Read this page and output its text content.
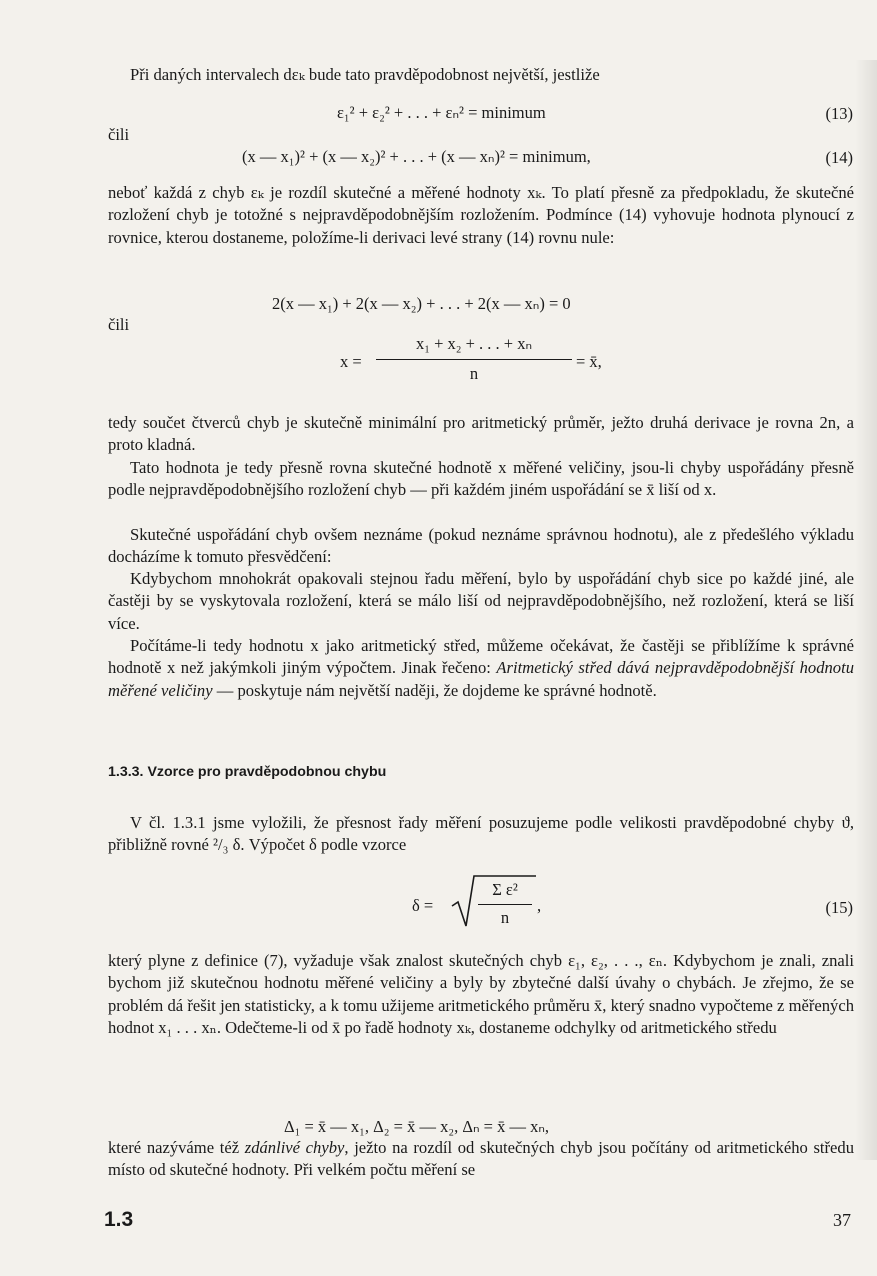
Při daných intervalech dεₖ bude tato pravděpodobnost největší, jestliže

ε₁² + ε₂² + . . . + εₙ² = minimum	(13)
čili
(x — x₁)² + (x — x₂)² + . . . + (x — xₙ)² = minimum,	(14)

neboť každá z chyb εₖ je rozdíl skutečné a měřené hodnoty xₖ. To platí přesně za předpokladu, že skutečné rozložení chyb je totožné s nejpravděpodobnějším rozložením. Podmínce (14) vyhovuje hodnota plynoucí z rovnice, kterou dostaneme, položíme-li derivaci levé strany (14) rovnu nule:

2(x — x₁) + 2(x — x₂) + . . . + 2(x — xₙ) = 0
čili
x =
x₁ + x₂ + . . . + xₙ
n
= x̄,

tedy součet čtverců chyb je skutečně minimální pro aritmetický průměr, ježto druhá derivace je rovna 2n, a proto kladná.

Tato hodnota je tedy přesně rovna skutečné hodnotě x měřené veličiny, jsou-li chyby uspořádány přesně podle nejpravděpodobnějšího rozložení chyb — při každém jiném uspořádání se x̄ liší od x.

Skutečné uspořádání chyb ovšem neznáme (pokud neznáme správnou hodnotu), ale z předešlého výkladu docházíme k tomuto přesvědčení:

Kdybychom mnohokrát opakovali stejnou řadu měření, bylo by uspořádání chyb sice po každé jiné, ale častěji by se vyskytovala rozložení, která se málo liší od nejpravděpodobnějšího, než rozložení, která se liší více.

Počítáme-li tedy hodnotu x jako aritmetický střed, můžeme očekávat, že častěji se přiblížíme k správné hodnotě x než jakýmkoli jiným výpočtem. Jinak řečeno: Aritmetický střed dává nejpravděpodobnější hodnotu měřené veličiny — poskytuje nám největší naději, že dojdeme ke správné hodnotě.

1.3.3. Vzorce pro pravděpodobnou chybu

V čl. 1.3.1 jsme vyložili, že přesnost řady měření posuzujeme podle velikosti pravděpodobné chyby ϑ, přibližně rovné ²/₃ δ. Výpočet δ podle vzorce

δ =
Σ ε²
n
,	(15)

který plyne z definice (7), vyžaduje však znalost skutečných chyb ε₁, ε₂, . . ., εₙ. Kdybychom je znali, znali bychom již skutečnou hodnotu měřené veličiny a byly by zbytečné další úvahy o chybách. Je zřejmo, že se problém dá řešit jen statisticky, a k tomu užijeme aritmetického průměru x̄, který snadno vypočteme z měřených hodnot x₁ . . . xₙ. Odečteme-li od x̄ po řadě hodnoty xₖ, dostaneme odchylky od aritmetického středu

Δ₁ = x̄ — x₁, Δ₂ = x̄ — x₂, Δₙ = x̄ — xₙ,

které nazýváme též zdánlivé chyby, ježto na rozdíl od skutečných chyb jsou počítány od aritmetického středu místo od skutečné hodnoty. Při velkém počtu měření se

1.3	37
